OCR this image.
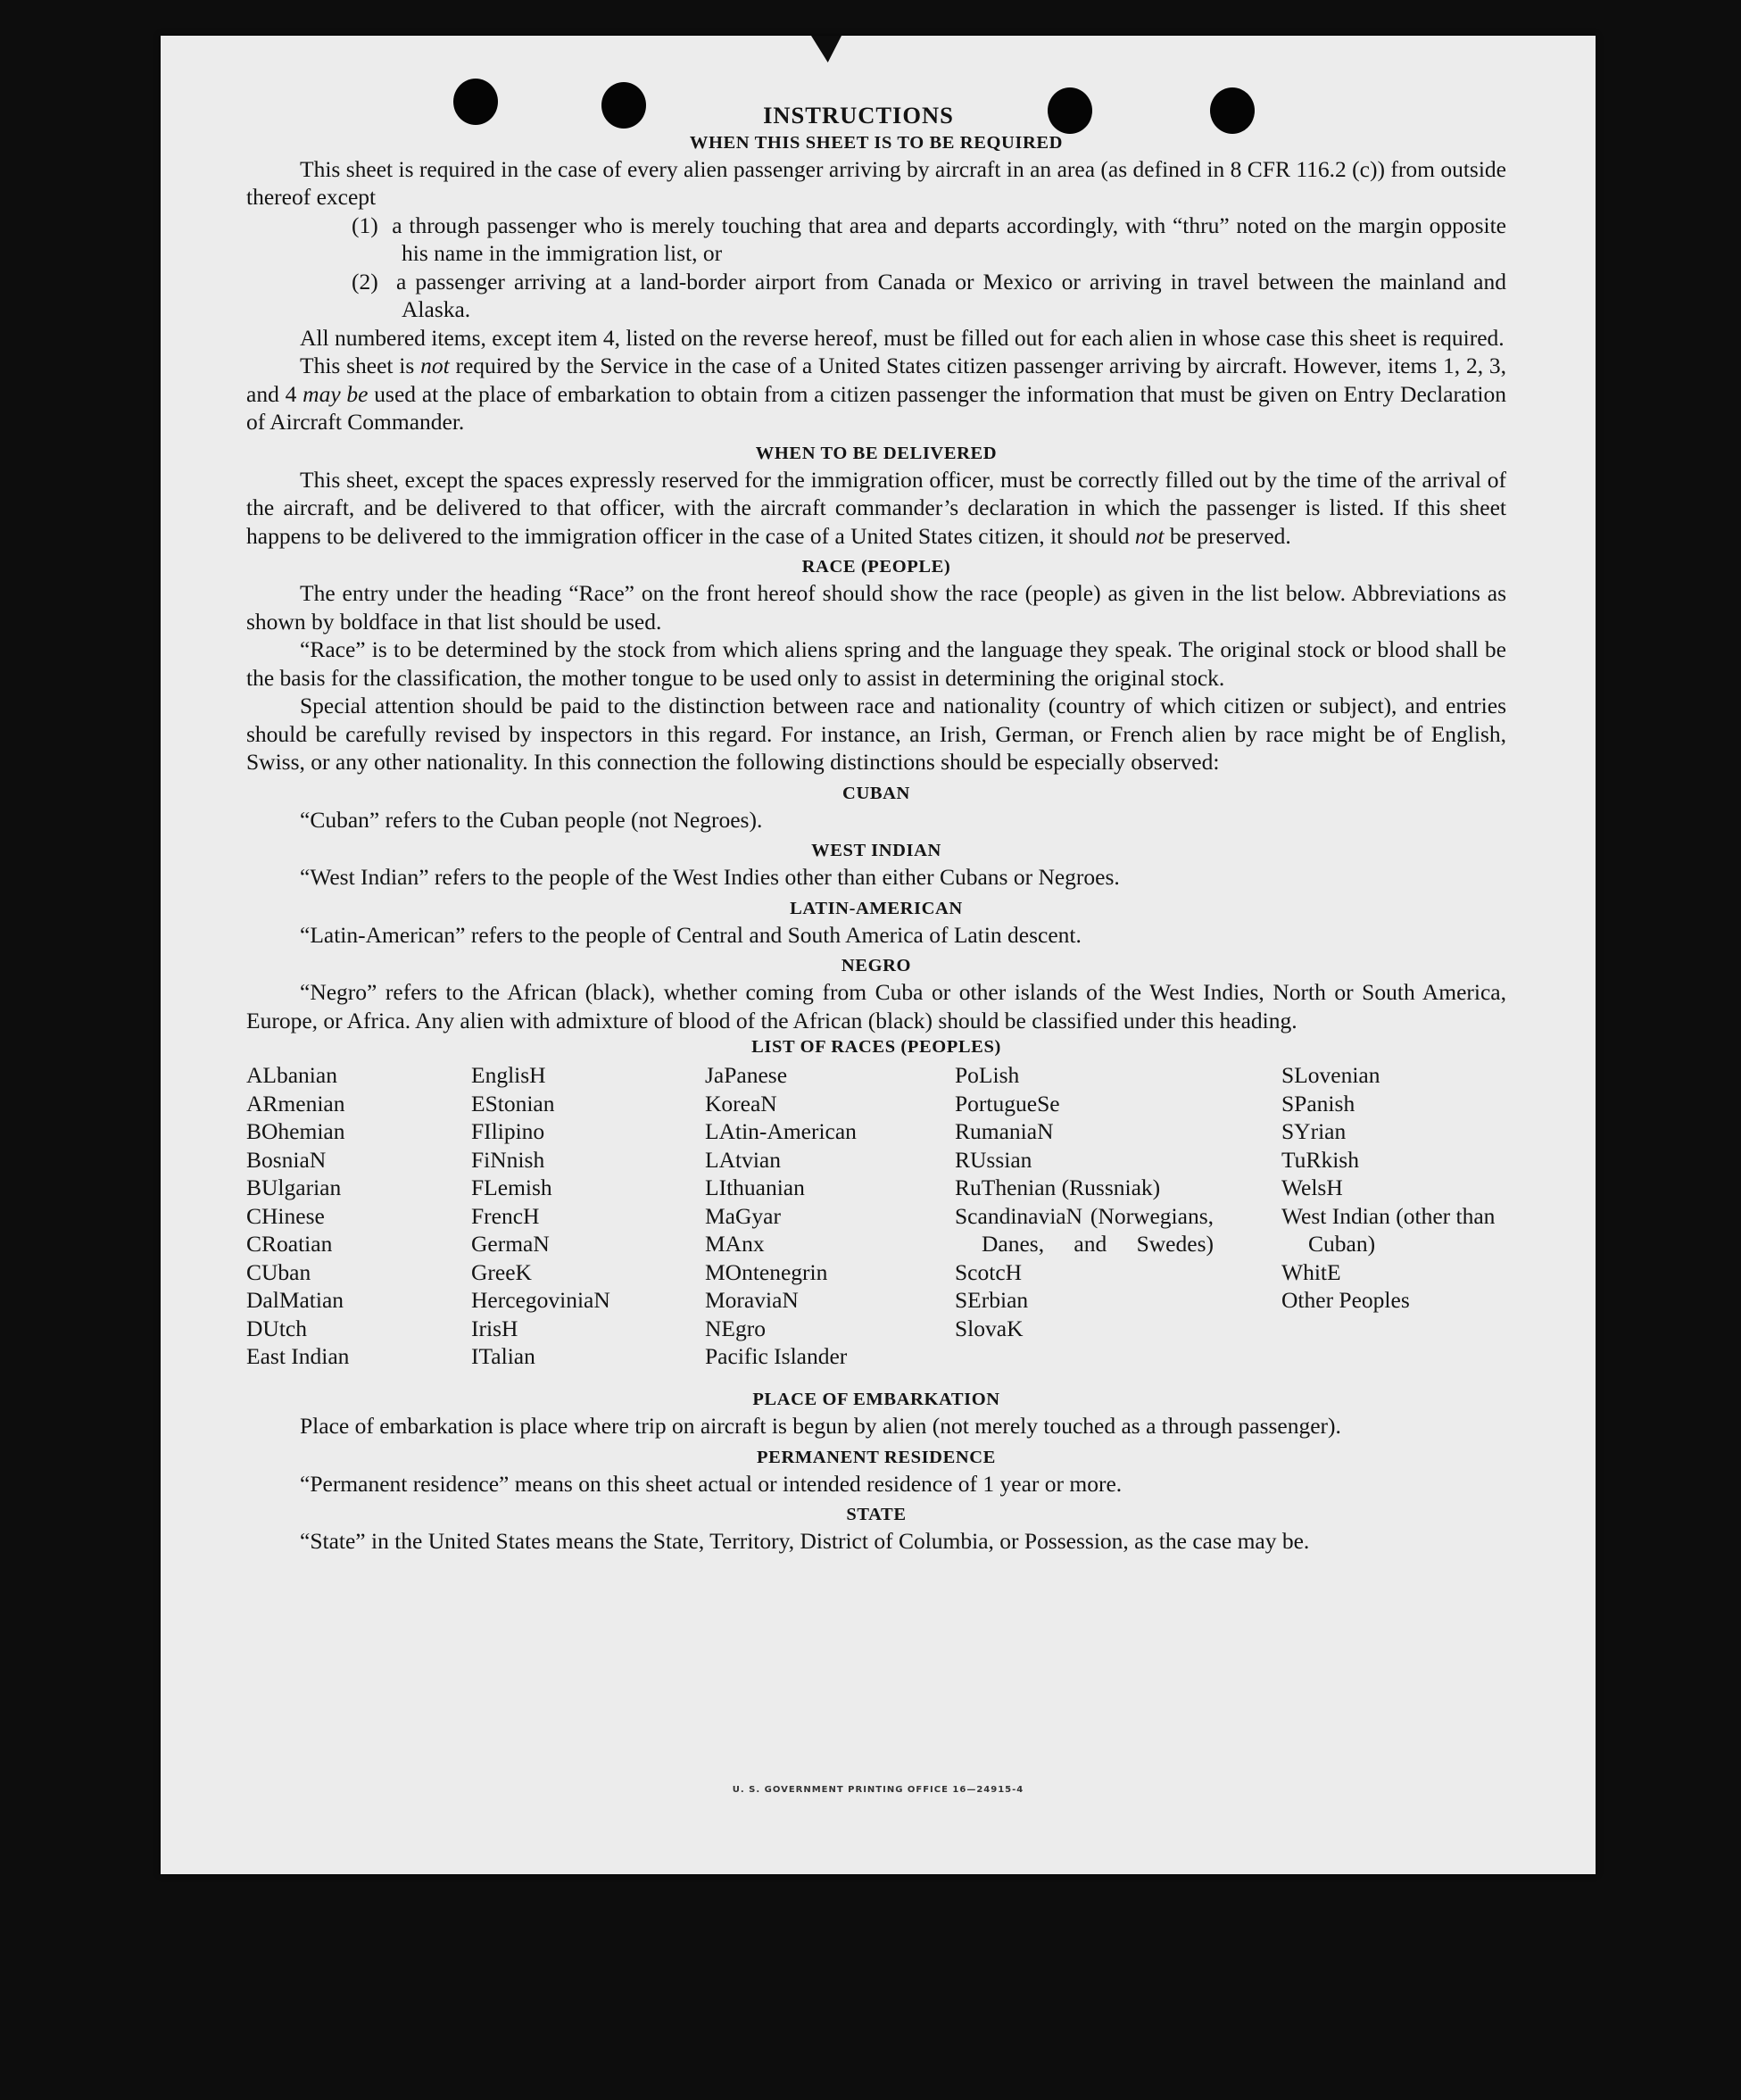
INSTRUCTIONS
WHEN THIS SHEET IS TO BE REQUIRED

This sheet is required in the case of every alien passenger arriving by aircraft in an area (as defined in 8 CFR 116.2 (c)) from outside thereof except

(1)  a through passenger who is merely touching that area and departs accordingly, with “thru” noted on the margin opposite his name in the immigration list, or
(2)  a passenger arriving at a land-border airport from Canada or Mexico or arriving in travel between the mainland and Alaska.

All numbered items, except item 4, listed on the reverse hereof, must be filled out for each alien in whose case this sheet is required.

This sheet is not required by the Service in the case of a United States citizen passenger arriving by aircraft. However, items 1, 2, 3, and 4 may be used at the place of embarkation to obtain from a citizen passenger the information that must be given on Entry Declaration of Aircraft Commander.

WHEN TO BE DELIVERED

This sheet, except the spaces expressly reserved for the immigration officer, must be correctly filled out by the time of the arrival of the aircraft, and be delivered to that officer, with the aircraft commander’s declaration in which the passenger is listed. If this sheet happens to be delivered to the immigration officer in the case of a United States citizen, it should not be preserved.

RACE (PEOPLE)

The entry under the heading “Race” on the front hereof should show the race (people) as given in the list below. Abbreviations as shown by boldface in that list should be used.

“Race” is to be determined by the stock from which aliens spring and the language they speak. The original stock or blood shall be the basis for the classification, the mother tongue to be used only to assist in determining the original stock.

Special attention should be paid to the distinction between race and nationality (country of which citizen or subject), and entries should be carefully revised by inspectors in this regard. For instance, an Irish, German, or French alien by race might be of English, Swiss, or any other nationality. In this connection the following distinctions should be especially observed:

CUBAN

“Cuban” refers to the Cuban people (not Negroes).

WEST INDIAN

“West Indian” refers to the people of the West Indies other than either Cubans or Negroes.

LATIN-AMERICAN

“Latin-American” refers to the people of Central and South America of Latin descent.

NEGRO

“Negro” refers to the African (black), whether coming from Cuba or other islands of the West Indies, North or South America, Europe, or Africa. Any alien with admixture of blood of the African (black) should be classified under this heading.

LIST OF RACES (PEOPLES)
ALbanian
ARmenian
BOhemian
BosniaN
BUlgarian
CHinese
CRoatian
CUban
DalMatian
DUtch
East Indian
EnglisH
EStonian
FIlipino
FiNnish
FLemish
FrencH
GermaN
GreeK
HercegoviniaN
IrisH
ITalian
JaPanese
KoreaN
LAtin-American
LAtvian
LIthuanian
MaGyar
MAnx
MOntenegrin
MoraviaN
NEgro
Pacific Islander
PoLish
PortugueSe
RumaniaN
RUssian
RuThenian (Russniak)
ScandinaviaN (Norwegians, Danes, and Swedes)
ScotcH
SErbian
SlovaK
SLovenian
SPanish
SYrian
TuRkish
WelsH
West Indian (other than Cuban)
WhitE
Other Peoples
PLACE OF EMBARKATION

Place of embarkation is place where trip on aircraft is begun by alien (not merely touched as a through passenger).

PERMANENT RESIDENCE

“Permanent residence” means on this sheet actual or intended residence of 1 year or more.

STATE

“State” in the United States means the State, Territory, District of Columbia, or Possession, as the case may be.

U. S. GOVERNMENT PRINTING OFFICE 16—24915-4
